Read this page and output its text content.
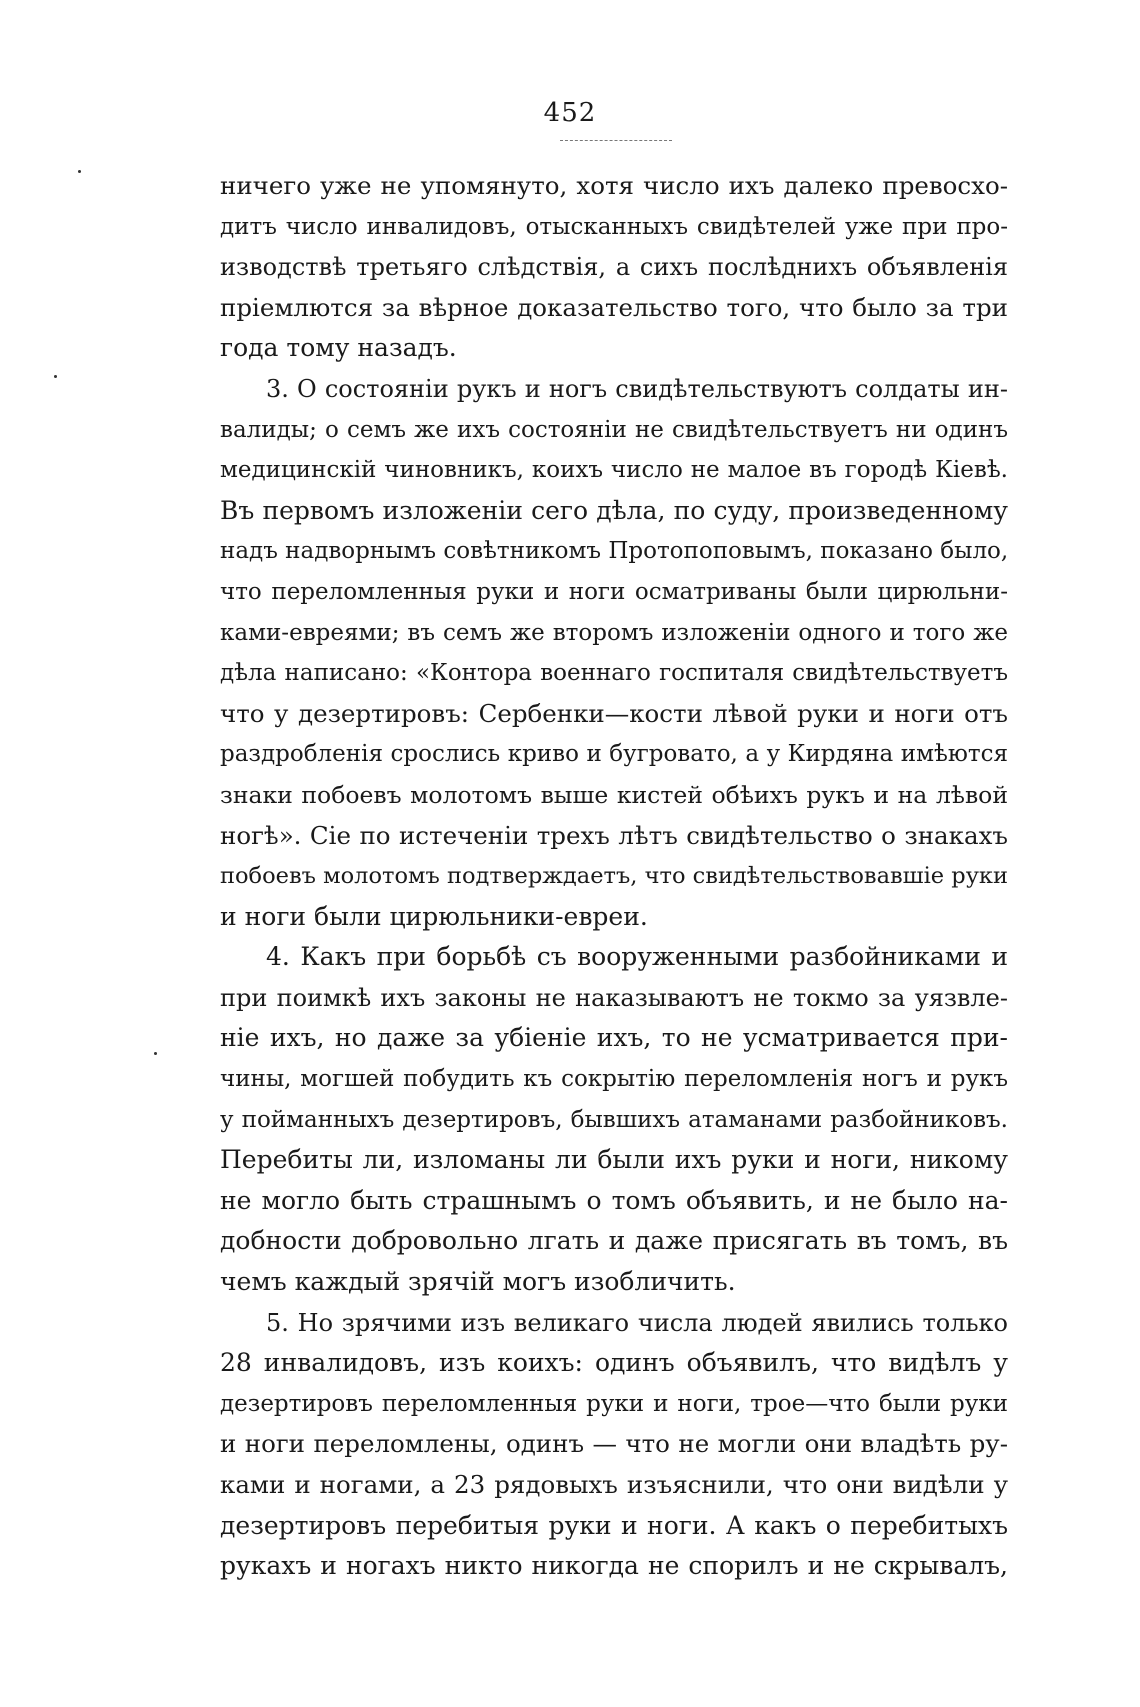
452
ничего уже не упомянуто, хотя число ихъ далеко превосхо-
дитъ число инвалидовъ, отысканныхъ свидѣтелей уже при про-
изводствѣ третьяго слѣдствія, а сихъ послѣднихъ объявленія
пріемлются за вѣрное доказательство того, что было за три
года тому назадъ.
3. О состояніи рукъ и ногъ свидѣтельствуютъ солдаты ин-
валиды; о семъ же ихъ состояніи не свидѣтельствуетъ ни одинъ
медицинскій чиновникъ, коихъ число не малое въ городѣ Кіевѣ.
Въ первомъ изложеніи сего дѣла, по суду, произведенному
надъ надворнымъ совѣтникомъ Протопоповымъ, показано было,
что переломленныя руки и ноги осматриваны были цирюльни-
ками-евреями; въ семъ же второмъ изложеніи одного и того же
дѣла написано: «Контора военнаго госпиталя свидѣтельствуетъ
что у дезертировъ: Сербенки—кости лѣвой руки и ноги отъ
раздробленія срослись криво и бугровато, а у Кирдяна имѣются
знаки побоевъ молотомъ выше кистей обѣихъ рукъ и на лѣвой
ногѣ». Сіе по истеченіи трехъ лѣтъ свидѣтельство о знакахъ
побоевъ молотомъ подтверждаетъ, что свидѣтельствовавшіе руки
и ноги были цирюльники-евреи.
4. Какъ при борьбѣ съ вооруженными разбойниками и
при поимкѣ ихъ законы не наказываютъ не токмо за уязвле-
ніе ихъ, но даже за убіеніе ихъ, то не усматривается при-
чины, могшей побудить къ сокрытію переломленія ногъ и рукъ
у пойманныхъ дезертировъ, бывшихъ атаманами разбойниковъ.
Перебиты ли, изломаны ли были ихъ руки и ноги, никому
не могло быть страшнымъ о томъ объявить, и не было на-
добности добровольно лгать и даже присягать въ томъ, въ
чемъ каждый зрячій могъ изобличить.
5. Но зрячими изъ великаго числа людей явились только
28 инвалидовъ, изъ коихъ: одинъ объявилъ, что видѣлъ у
дезертировъ переломленныя руки и ноги, трое—что были руки
и ноги переломлены, одинъ — что не могли они владѣть ру-
ками и ногами, а 23 рядовыхъ изъяснили, что они видѣли у
дезертировъ перебитыя руки и ноги. А какъ о перебитыхъ
рукахъ и ногахъ никто никогда не спорилъ и не скрывалъ,
